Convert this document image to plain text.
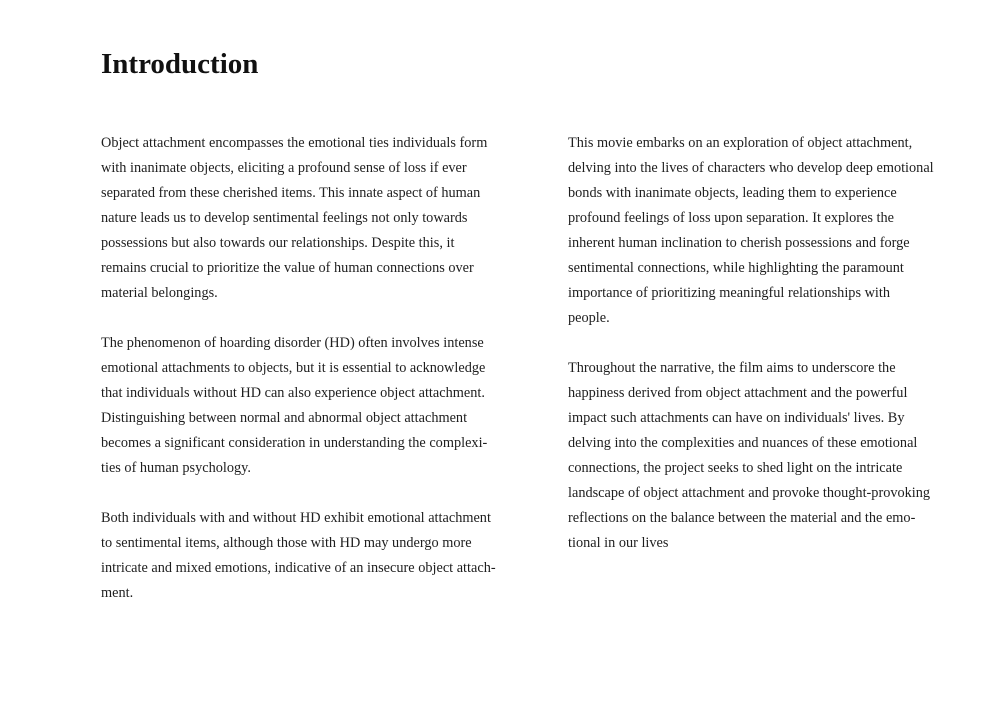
Introduction

Object attachment encompasses the emotional ties individuals form
with inanimate objects, eliciting a profound sense of loss if ever
separated from these cherished items. This innate aspect of human
nature leads us to develop sentimental feelings not only towards
possessions but also towards our relationships. Despite this, it
remains crucial to prioritize the value of human connections over
material belongings.

The phenomenon of hoarding disorder (HD) often involves intense
emotional attachments to objects, but it is essential to acknowledge
that individuals without HD can also experience object attachment.
Distinguishing between normal and abnormal object attachment
becomes a significant consideration in understanding the complexi-
ties of human psychology.

Both individuals with and without HD exhibit emotional attachment
to sentimental items, although those with HD may undergo more
intricate and mixed emotions, indicative of an insecure object attach-
ment.

This movie embarks on an exploration of object attachment,
delving into the lives of characters who develop deep emotional
bonds with inanimate objects, leading them to experience
profound feelings of loss upon separation. It explores the
inherent human inclination to cherish possessions and forge
sentimental connections, while highlighting the paramount
importance of prioritizing meaningful relationships with
people.

Throughout the narrative, the film aims to underscore the
happiness derived from object attachment and the powerful
impact such attachments can have on individuals' lives. By
delving into the complexities and nuances of these emotional
connections, the project seeks to shed light on the intricate
landscape of object attachment and provoke thought-provoking
reflections on the balance between the material and the emo-
tional in our lives
